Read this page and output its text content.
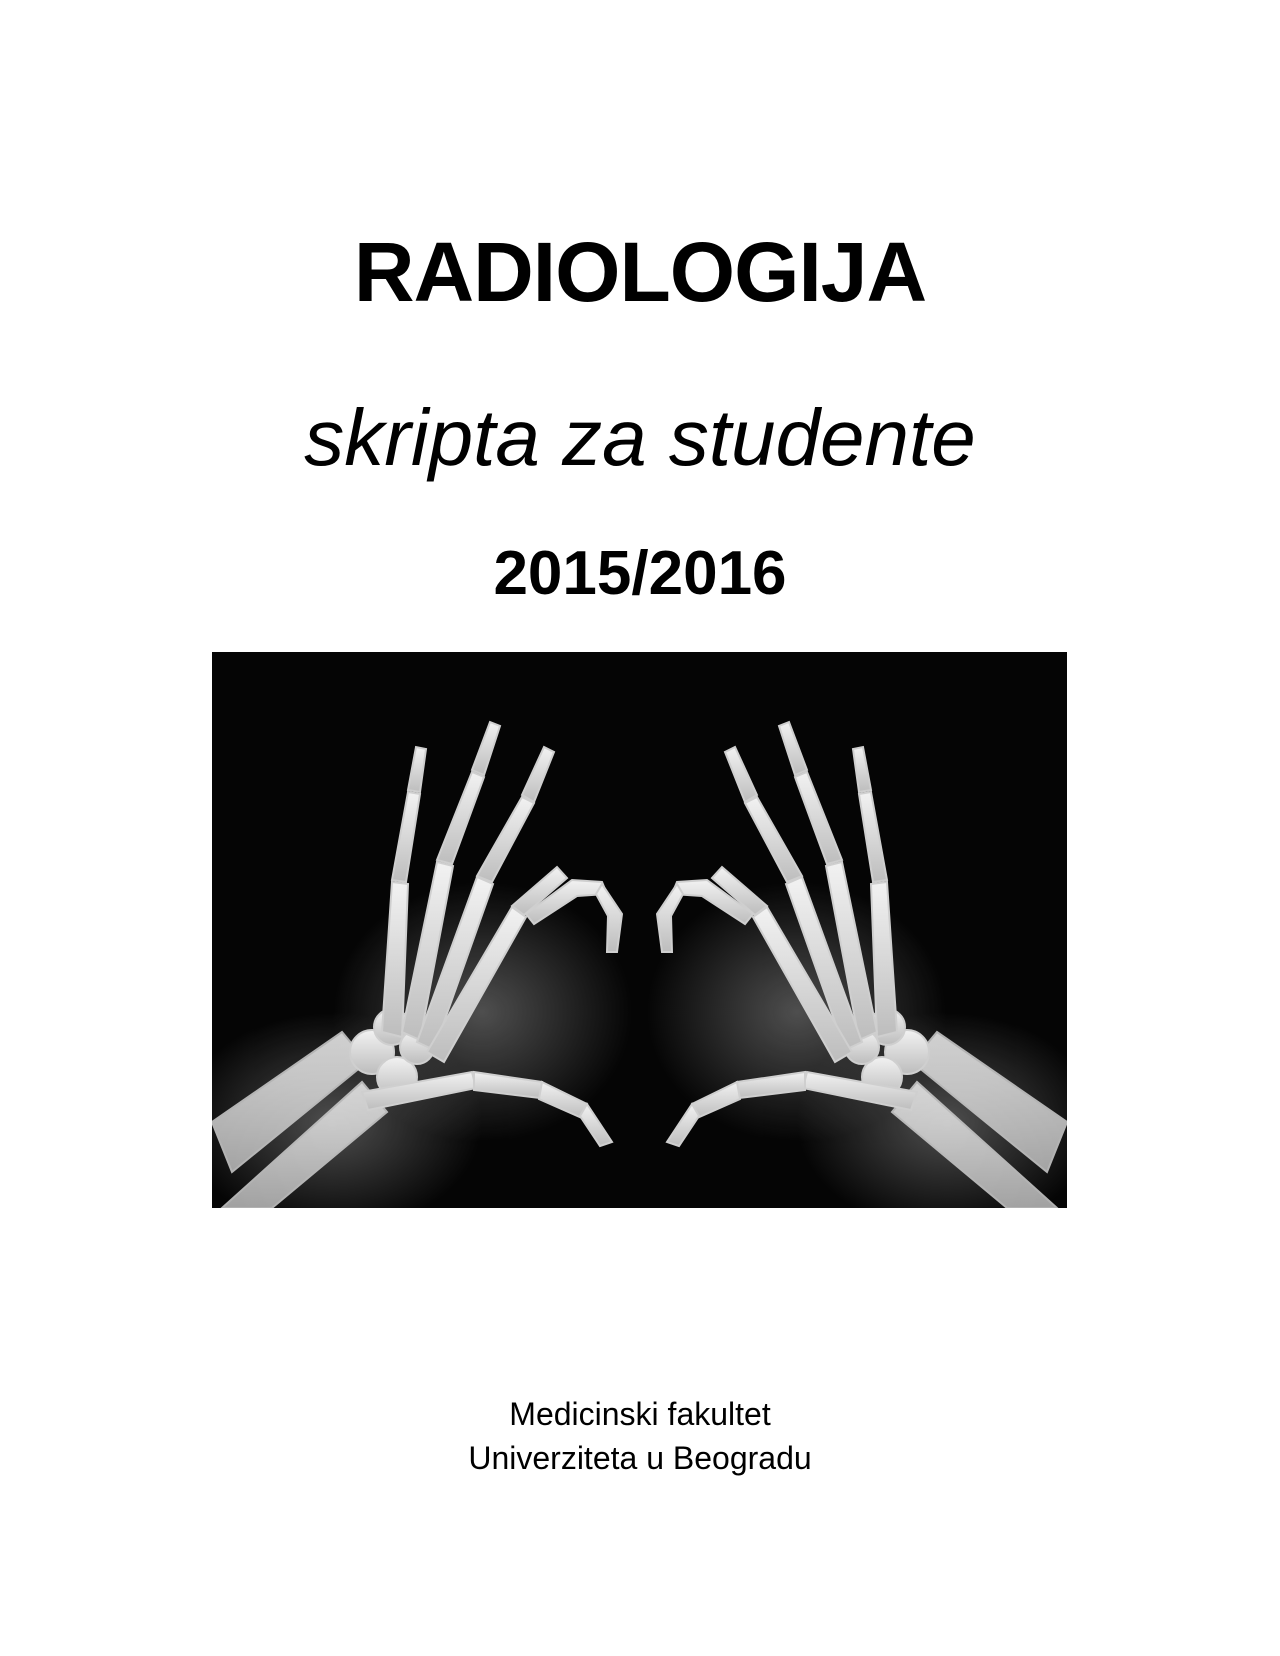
RADIOLOGIJA
skripta za studente
2015/2016
Medicinski fakultet
Univerziteta u Beogradu
